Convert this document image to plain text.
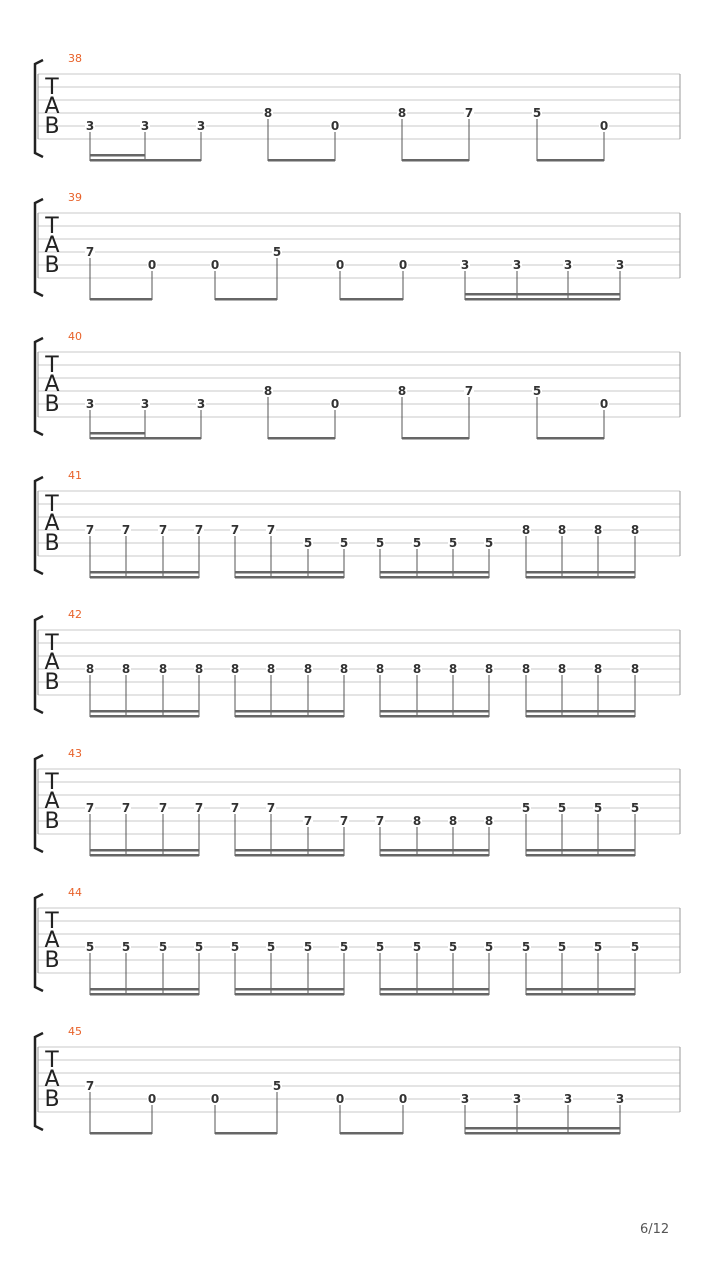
T
A
B
38
3	3	3
8
0
8	7	5
0
T
A
B
39
7
0	0
5
0	0	3	3	3	3
T
A
B
40
3	3	3
8
0
8	7	5
0
T
A
B
41
7 7 7 7 7 7
5 5 5 5 5 5
8 8 8 8
T
A
B
42
8 8 8 8 8 8 8 8 8 8 8 8 8 8 8 8
T
A
B
43
7 7 7 7 7 7
7 7 7 8 8 8
5 5 5 5
T
A
B
44
5 5 5 5 5 5 5 5 5 5 5 5 5 5 5 5
T
A
B
45
7
0	0
5
0	0	3	3	3	3
6/12
